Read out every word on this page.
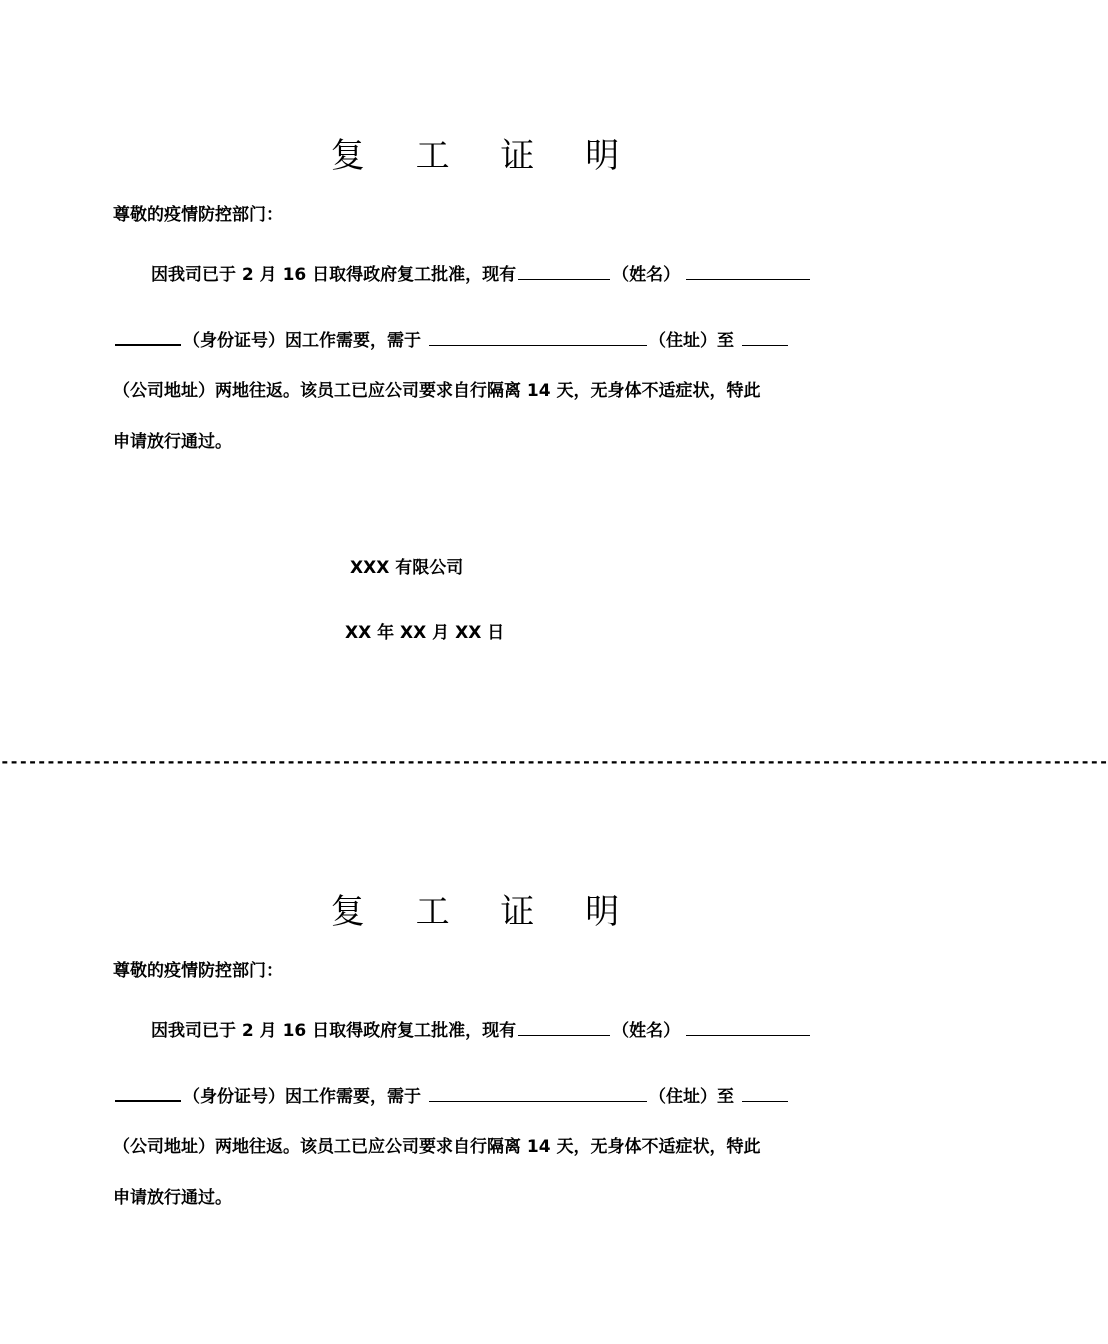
复 工 证 明
尊敬的疫情防控部门：
因我司已于 2 月 16 日取得政府复工批准，现有	（姓名）
（身份证号）因工作需要，需于	（住址）至
（公司地址）两地往返。该员工已应公司要求自行隔离 14 天，无身体不适症状，特此
申请放行通过。
XXX 有限公司
XX 年 XX 月 XX 日
------------------------------------------------------------------------------------------------------------------------
复 工 证 明
尊敬的疫情防控部门：
因我司已于 2 月 16 日取得政府复工批准，现有	（姓名）
（身份证号）因工作需要，需于	（住址）至
（公司地址）两地往返。该员工已应公司要求自行隔离 14 天，无身体不适症状，特此
申请放行通过。
